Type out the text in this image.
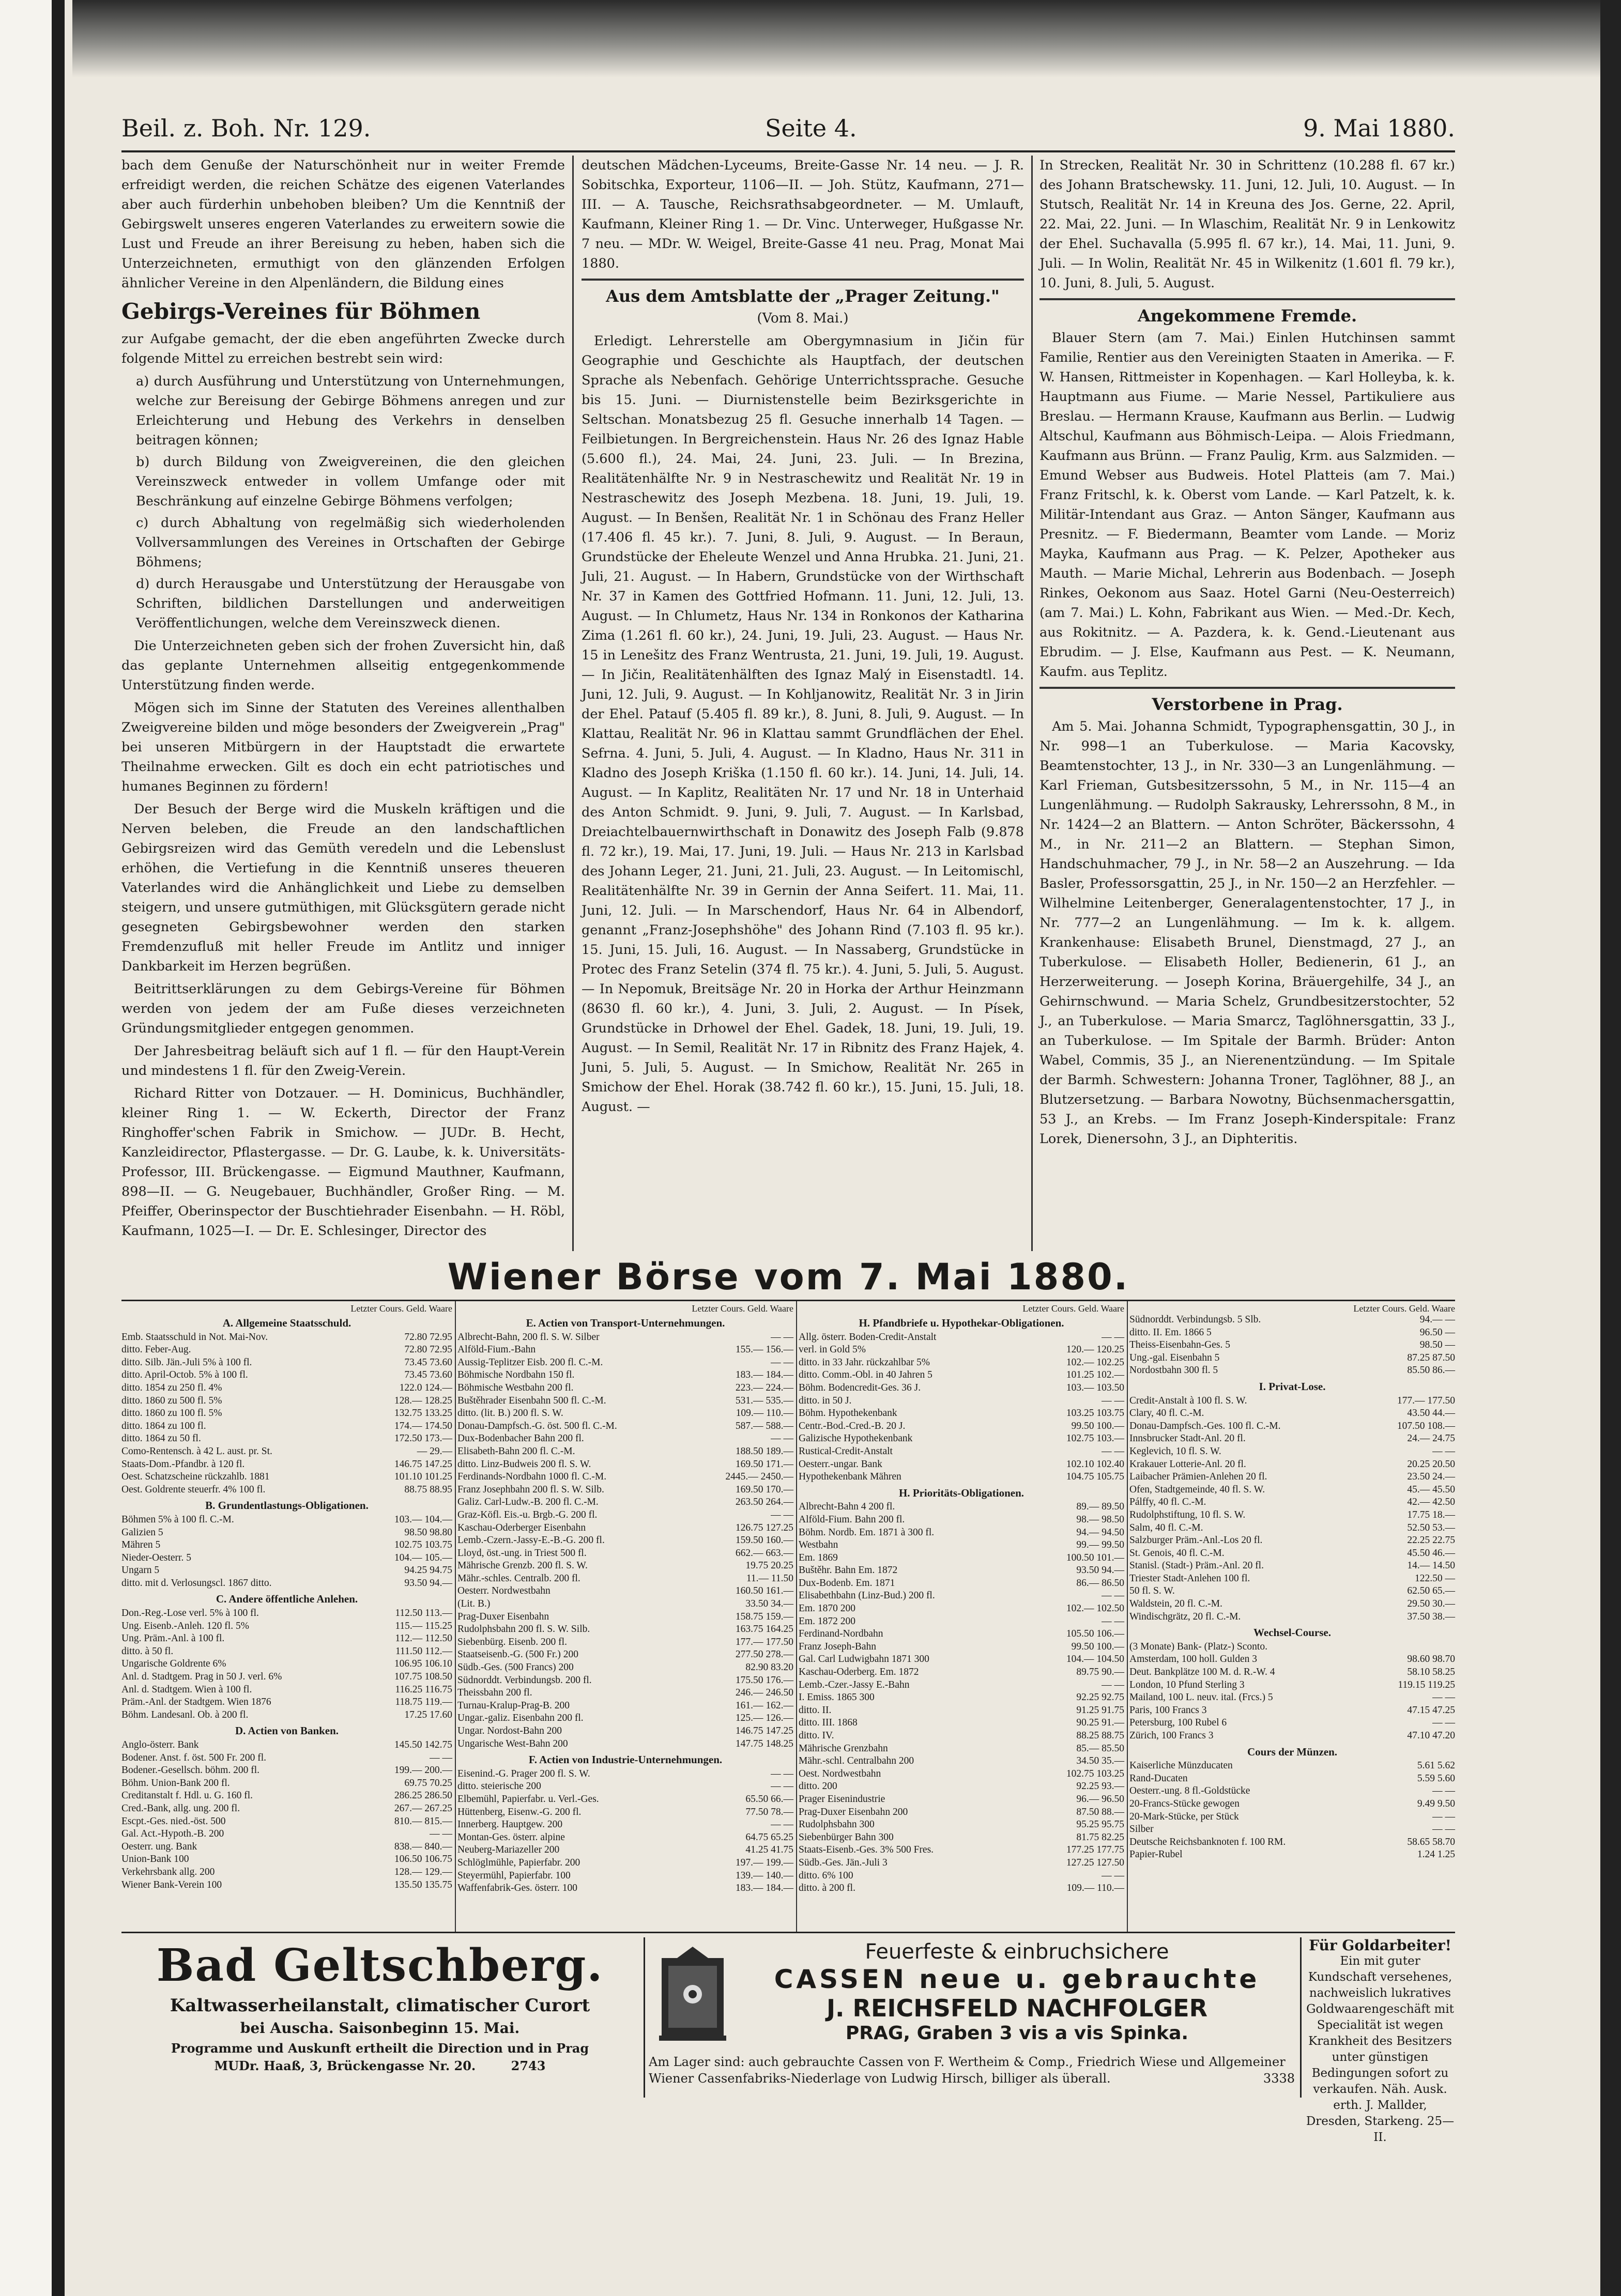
Beil. z. Boh. Nr. 129.	Seite 4.	9. Mai 1880.

bach dem Genuße der Naturschönheit nur in weiter Fremde erfreidigt werden, die reichen Schätze des eigenen Vaterlandes aber auch fürderhin unbehoben bleiben? Um die Kenntniß der Gebirgswelt unseres engeren Vaterlandes zu erweitern sowie die Lust und Freude an ihrer Bereisung zu heben, haben sich die Unterzeichneten, ermuthigt von den glänzenden Erfolgen ähnlicher Vereine in den Alpenländern, die Bildung eines

Gebirgs-Vereines für Böhmen

zur Aufgabe gemacht, der die eben angeführten Zwecke durch folgende Mittel zu erreichen bestrebt sein wird:

a) durch Ausführung und Unterstützung von Unternehmungen, welche zur Bereisung der Gebirge Böhmens anregen und zur Erleichterung und Hebung des Verkehrs in denselben beitragen können;
b) durch Bildung von Zweigvereinen, die den gleichen Vereinszweck entweder in vollem Umfange oder mit Beschränkung auf einzelne Gebirge Böhmens verfolgen;
c) durch Abhaltung von regelmäßig sich wiederholenden Vollversammlungen des Vereines in Ortschaften der Gebirge Böhmens;
d) durch Herausgabe und Unterstützung der Herausgabe von Schriften, bildlichen Darstellungen und anderweitigen Veröffentlichungen, welche dem Vereinszweck dienen.

Die Unterzeichneten geben sich der frohen Zuversicht hin, daß das geplante Unternehmen allseitig entgegenkommende Unterstützung finden werde.

Mögen sich im Sinne der Statuten des Vereines allenthalben Zweigvereine bilden und möge besonders der Zweigverein „Prag" bei unseren Mitbürgern in der Hauptstadt die erwartete Theilnahme erwecken. Gilt es doch ein echt patriotisches und humanes Beginnen zu fördern!

Der Besuch der Berge wird die Muskeln kräftigen und die Nerven beleben, die Freude an den landschaftlichen Gebirgsreizen wird das Gemüth veredeln und die Lebenslust erhöhen, die Vertiefung in die Kenntniß unseres theueren Vaterlandes wird die Anhänglichkeit und Liebe zu demselben steigern, und unsere gutmüthigen, mit Glücksgütern gerade nicht gesegneten Gebirgsbewohner werden den starken Fremdenzufluß mit heller Freude im Antlitz und inniger Dankbarkeit im Herzen begrüßen.

Beitrittserklärungen zu dem Gebirgs-Vereine für Böhmen werden von jedem der am Fuße dieses verzeichneten Gründungsmitglieder entgegen genommen.

Der Jahresbeitrag beläuft sich auf 1 fl. — für den Haupt-Verein und mindestens 1 fl. für den Zweig-Verein.

Richard Ritter von Dotzauer. — H. Dominicus, Buchhändler, kleiner Ring 1. — W. Eckerth, Director der Franz Ringhoffer'schen Fabrik in Smichow. — JUDr. B. Hecht, Kanzleidirector, Pflastergasse. — Dr. G. Laube, k. k. Universitäts-Professor, III. Brückengasse. — Eigmund Mauthner, Kaufmann, 898—II. — G. Neugebauer, Buchhändler, Großer Ring. — M. Pfeiffer, Oberinspector der Buschtiehrader Eisenbahn. — H. Röbl, Kaufmann, 1025—I. — Dr. E. Schlesinger, Director des

deutschen Mädchen-Lyceums, Breite-Gasse Nr. 14 neu. — J. R. Sobitschka, Exporteur, 1106—II. — Joh. Stütz, Kaufmann, 271—III. — A. Tausche, Reichsrathsabgeordneter. — M. Umlauft, Kaufmann, Kleiner Ring 1. — Dr. Vinc. Unterweger, Hußgasse Nr. 7 neu. — MDr. W. Weigel, Breite-Gasse 41 neu. Prag, Monat Mai 1880.

Aus dem Amtsblatte der „Prager Zeitung."
(Vom 8. Mai.)

Erledigt. Lehrerstelle am Obergymnasium in Jičin für Geographie und Geschichte als Hauptfach, der deutschen Sprache als Nebenfach. Gehörige Unterrichtssprache. Gesuche bis 15. Juni. — Diurnistenstelle beim Bezirksgerichte in Seltschan. Monatsbezug 25 fl. Gesuche innerhalb 14 Tagen. — Feilbietungen. In Bergreichenstein. Haus Nr. 26 des Ignaz Hable (5.600 fl.), 24. Mai, 24. Juni, 23. Juli. — In Brezina, Realitätenhälfte Nr. 9 in Nestraschewitz und Realität Nr. 19 in Nestraschewitz des Joseph Mezbena. 18. Juni, 19. Juli, 19. August. — In Benšen, Realität Nr. 1 in Schönau des Franz Heller (17.406 fl. 45 kr.). 7. Juni, 8. Juli, 9. August. — In Beraun, Grundstücke der Eheleute Wenzel und Anna Hrubka. 21. Juni, 21. Juli, 21. August. — In Habern, Grundstücke von der Wirthschaft Nr. 37 in Kamen des Gottfried Hofmann. 11. Juni, 12. Juli, 13. August. — In Chlumetz, Haus Nr. 134 in Ronkonos der Katharina Zima (1.261 fl. 60 kr.), 24. Juni, 19. Juli, 23. August. — Haus Nr. 15 in Lenešitz des Franz Wentrusta, 21. Juni, 19. Juli, 19. August. — In Jičin, Realitätenhälften des Ignaz Malý in Eisenstadtl. 14. Juni, 12. Juli, 9. August. — In Kohljanowitz, Realität Nr. 3 in Jirin der Ehel. Patauf (5.405 fl. 89 kr.), 8. Juni, 8. Juli, 9. August. — In Klattau, Realität Nr. 96 in Klattau sammt Grundflächen der Ehel. Sefrna. 4. Juni, 5. Juli, 4. August. — In Kladno, Haus Nr. 311 in Kladno des Joseph Kriška (1.150 fl. 60 kr.). 14. Juni, 14. Juli, 14. August. — In Kaplitz, Realitäten Nr. 17 und Nr. 18 in Unterhaid des Anton Schmidt. 9. Juni, 9. Juli, 7. August. — In Karlsbad, Dreiachtelbauernwirthschaft in Donawitz des Joseph Falb (9.878 fl. 72 kr.), 19. Mai, 17. Juni, 19. Juli. — Haus Nr. 213 in Karlsbad des Johann Leger, 21. Juni, 21. Juli, 23. August. — In Leitomischl, Realitätenhälfte Nr. 39 in Gernin der Anna Seifert. 11. Mai, 11. Juni, 12. Juli. — In Marschendorf, Haus Nr. 64 in Albendorf, genannt „Franz-Josephshöhe" des Johann Rind (7.103 fl. 95 kr.). 15. Juni, 15. Juli, 16. August. — In Nassaberg, Grundstücke in Protec des Franz Setelin (374 fl. 75 kr.). 4. Juni, 5. Juli, 5. August. — In Nepomuk, Breitsäge Nr. 20 in Horka der Arthur Heinzmann (8630 fl. 60 kr.), 4. Juni, 3. Juli, 2. August. — In Písek, Grundstücke in Drhowel der Ehel. Gadek, 18. Juni, 19. Juli, 19. August. — In Semil, Realität Nr. 17 in Ribnitz des Franz Hajek, 4. Juni, 5. Juli, 5. August. — In Smichow, Realität Nr. 265 in Smichow der Ehel. Horak (38.742 fl. 60 kr.), 15. Juni, 15. Juli, 18. August. —

In Strecken, Realität Nr. 30 in Schrittenz (10.288 fl. 67 kr.) des Johann Bratschewsky. 11. Juni, 12. Juli, 10. August. — In Stutsch, Realität Nr. 14 in Kreuna des Jos. Gerne, 22. April, 22. Mai, 22. Juni. — In Wlaschim, Realität Nr. 9 in Lenkowitz der Ehel. Suchavalla (5.995 fl. 67 kr.), 14. Mai, 11. Juni, 9. Juli. — In Wolin, Realität Nr. 45 in Wilkenitz (1.601 fl. 79 kr.), 10. Juni, 8. Juli, 5. August.

Angekommene Fremde.

Blauer Stern (am 7. Mai.) Einlen Hutchinsen sammt Familie, Rentier aus den Vereinigten Staaten in Amerika. — F. W. Hansen, Rittmeister in Kopenhagen. — Karl Holleyba, k. k. Hauptmann aus Fiume. — Marie Nessel, Partikuliere aus Breslau. — Hermann Krause, Kaufmann aus Berlin. — Ludwig Altschul, Kaufmann aus Böhmisch-Leipa. — Alois Friedmann, Kaufmann aus Brünn. — Franz Paulig, Krm. aus Salzmiden. — Emund Webser aus Budweis. Hotel Platteis (am 7. Mai.) Franz Fritschl, k. k. Oberst vom Lande. — Karl Patzelt, k. k. Militär-Intendant aus Graz. — Anton Sänger, Kaufmann aus Presnitz. — F. Biedermann, Beamter vom Lande. — Moriz Mayka, Kaufmann aus Prag. — K. Pelzer, Apotheker aus Mauth. — Marie Michal, Lehrerin aus Bodenbach. — Joseph Rinkes, Oekonom aus Saaz. Hotel Garni (Neu-Oesterreich) (am 7. Mai.) L. Kohn, Fabrikant aus Wien. — Med.-Dr. Kech, aus Rokitnitz. — A. Pazdera, k. k. Gend.-Lieutenant aus Ebrudim. — J. Else, Kaufmann aus Pest. — K. Neumann, Kaufm. aus Teplitz.

Verstorbene in Prag.

Am 5. Mai. Johanna Schmidt, Typographensgattin, 30 J., in Nr. 998—1 an Tuberkulose. — Maria Kacovsky, Beamtenstochter, 13 J., in Nr. 330—3 an Lungenlähmung. — Karl Frieman, Gutsbesitzerssohn, 5 M., in Nr. 115—4 an Lungenlähmung. — Rudolph Sakrausky, Lehrerssohn, 8 M., in Nr. 1424—2 an Blattern. — Anton Schröter, Bäckerssohn, 4 M., in Nr. 211—2 an Blattern. — Stephan Simon, Handschuhmacher, 79 J., in Nr. 58—2 an Auszehrung. — Ida Basler, Professorsgattin, 25 J., in Nr. 150—2 an Herzfehler. — Wilhelmine Leitenberger, Generalagentenstochter, 17 J., in Nr. 777—2 an Lungenlähmung. — Im k. k. allgem. Krankenhause: Elisabeth Brunel, Dienstmagd, 27 J., an Tuberkulose. — Elisabeth Holler, Bedienerin, 61 J., an Herzerweiterung. — Joseph Korina, Bräuergehilfe, 34 J., an Gehirnschwund. — Maria Schelz, Grundbesitzerstochter, 52 J., an Tuberkulose. — Maria Smarcz, Taglöhnersgattin, 33 J., an Tuberkulose. — Im Spitale der Barmh. Brüder: Anton Wabel, Commis, 35 J., an Nierenentzündung. — Im Spitale der Barmh. Schwestern: Johanna Troner, Taglöhner, 88 J., an Blutzersetzung. — Barbara Nowotny, Büchsenmachersgattin, 53 J., an Krebs. — Im Franz Joseph-Kinderspitale: Franz Lorek, Dienersohn, 3 J., an Diphteritis.

Wiener Börse vom 7. Mai 1880.
Letzter Cours. Geld. Waare
A. Allgemeine Staatsschuld.
Emb. Staatsschuld in Not. Mai-Nov.	72.80 72.95
ditto. Feber-Aug.	72.80 72.95
ditto. Silb. Jän.-Juli 5% à 100 fl.	73.45 73.60
ditto. April-Octob. 5% à 100 fl.	73.45 73.60
ditto. 1854 zu 250 fl. 4%	122.0 124.—
ditto. 1860 zu 500 fl. 5%	128.— 128.25
ditto. 1860 zu 100 fl. 5%	132.75 133.25
ditto. 1864 zu 100 fl.	174.— 174.50
ditto. 1864 zu 50 fl.	172.50 173.—
Como-Rentensch. à 42 L. aust. pr. St.	— 29.—
Staats-Dom.-Pfandbr. à 120 fl.	146.75 147.25
Oest. Schatzscheine rückzahlb. 1881	101.10 101.25
Oest. Goldrente steuerfr. 4% 100 fl.	88.75 88.95
B. Grundentlastungs-Obligationen.
Böhmen 5% à 100 fl. C.-M.	103.— 104.—
Galizien 5	98.50 98.80
Mähren 5	102.75 103.75
Nieder-Oesterr. 5	104.— 105.—
Ungarn 5	94.25 94.75
ditto. mit d. Verlosungscl. 1867 ditto.	93.50 94.—
C. Andere öffentliche Anlehen.
Don.-Reg.-Lose verl. 5% à 100 fl.	112.50 113.—
Ung. Eisenb.-Anleh. 120 fl. 5%	115.— 115.25
Ung. Präm.-Anl. à 100 fl.	112.— 112.50
ditto. à 50 fl.	111.50 112.—
Ungarische Goldrente 6%	106.95 106.10
Anl. d. Stadtgem. Prag in 50 J. verl. 6%	107.75 108.50
Anl. d. Stadtgem. Wien à 100 fl.	116.25 116.75
Präm.-Anl. der Stadtgem. Wien 1876	118.75 119.—
Böhm. Landesanl. Ob. à 200 fl.	17.25 17.60
D. Actien von Banken.
Anglo-österr. Bank	145.50 142.75
Bodener. Anst. f. öst. 500 Fr. 200 fl.	— —
Bodener.-Gesellsch. böhm. 200 fl.	199.— 200.—
Böhm. Union-Bank 200 fl.	69.75 70.25
Creditanstalt f. Hdl. u. G. 160 fl.	286.25 286.50
Cred.-Bank, allg. ung. 200 fl.	267.— 267.25
Escpt.-Ges. nied.-öst. 500	810.— 815.—
Gal. Act.-Hypoth.-B. 200	— —
Oesterr. ung. Bank	838.— 840.—
Union-Bank 100	106.50 106.75
Verkehrsbank allg. 200	128.— 129.—
Wiener Bank-Verein 100	135.50 135.75
Letzter Cours. Geld. Waare
E. Actien von Transport-Unternehmungen.
Albrecht-Bahn, 200 fl. S. W. Silber	— —
Alföld-Fium.-Bahn	155.— 156.—
Aussig-Teplitzer Eisb. 200 fl. C.-M.	— —
Böhmische Nordbahn 150 fl.	183.— 184.—
Böhmische Westbahn 200 fl.	223.— 224.—
Buštěhrader Eisenbahn 500 fl. C.-M.	531.— 535.—
ditto. (lit. B.) 200 fl. S. W.	109.— 110.—
Donau-Dampfsch.-G. öst. 500 fl. C.-M.	587.— 588.—
Dux-Bodenbacher Bahn 200 fl.	— —
Elisabeth-Bahn 200 fl. C.-M.	188.50 189.—
ditto. Linz-Budweis 200 fl. S. W.	169.50 171.—
Ferdinands-Nordbahn 1000 fl. C.-M.	2445.— 2450.—
Franz Josephbahn 200 fl. S. W. Silb.	169.50 170.—
Galiz. Carl-Ludw.-B. 200 fl. C.-M.	263.50 264.—
Graz-Köfl. Eis.-u. Brgb.-G. 200 fl.	— —
Kaschau-Oderberger Eisenbahn	126.75 127.25
Lemb.-Czern.-Jassy-E.-B.-G. 200 fl.	159.50 160.—
Lloyd, öst.-ung. in Triest 500 fl.	662.— 663.—
Mährische Grenzb. 200 fl. S. W.	19.75 20.25
Mähr.-schles. Centralb. 200 fl.	11.— 11.50
Oesterr. Nordwestbahn	160.50 161.—
(Lit. B.)	33.50 34.—
Prag-Duxer Eisenbahn	158.75 159.—
Rudolphsbahn 200 fl. S. W. Silb.	163.75 164.25
Siebenbürg. Eisenb. 200 fl.	177.— 177.50
Staatseisenb.-G. (500 Fr.) 200	277.50 278.—
Südb.-Ges. (500 Francs) 200	82.90 83.20
Südnorddt. Verbindungsb. 200 fl.	175.50 176.—
Theissbahn 200 fl.	246.— 246.50
Turnau-Kralup-Prag-B. 200	161.— 162.—
Ungar.-galiz. Eisenbahn 200 fl.	125.— 126.—
Ungar. Nordost-Bahn 200	146.75 147.25
Ungarische West-Bahn 200	147.75 148.25
F. Actien von Industrie-Unternehmungen.
Eisenind.-G. Prager 200 fl. S. W.	— —
ditto. steierische 200	— —
Elbemühl, Papierfabr. u. Verl.-Ges.	65.50 66.—
Hüttenberg, Eisenw.-G. 200 fl.	77.50 78.—
Innerberg. Hauptgew. 200	— —
Montan-Ges. österr. alpine	64.75 65.25
Neuberg-Mariazeller 200	41.25 41.75
Schlöglmühle, Papierfabr. 200	197.— 199.—
Steyermühl, Papierfabr. 100	139.— 140.—
Waffenfabrik-Ges. österr. 100	183.— 184.—
Letzter Cours. Geld. Waare
H. Pfandbriefe u. Hypothekar-Obligationen.
Allg. österr. Boden-Credit-Anstalt	— —
verl. in Gold 5%	120.— 120.25
ditto. in 33 Jahr. rückzahlbar 5%	102.— 102.25
ditto. Comm.-Obl. in 40 Jahren 5	101.25 102.—
Böhm. Bodencredit-Ges. 36 J.	103.— 103.50
ditto. in 50 J.	— —
Böhm. Hypothekenbank	103.25 103.75
Centr.-Bod.-Cred.-B. 20 J.	99.50 100.—
Galizische Hypothekenbank	102.75 103.—
Rustical-Credit-Anstalt	— —
Oesterr.-ungar. Bank	102.10 102.40
Hypothekenbank Mähren	104.75 105.75
H. Prioritäts-Obligationen.
Albrecht-Bahn 4 200 fl.	89.— 89.50
Alföld-Fium. Bahn 200 fl.	98.— 98.50
Böhm. Nordb. Em. 1871 à 300 fl.	94.— 94.50
Westbahn	99.— 99.50
Em. 1869	100.50 101.—
Buštěhr. Bahn Em. 1872	93.50 94.—
Dux-Bodenb. Em. 1871	86.— 86.50
Elisabethbahn (Linz-Bud.) 200 fl.	— —
Em. 1870 200	102.— 102.50
Em. 1872 200	— —
Ferdinand-Nordbahn	105.50 106.—
Franz Joseph-Bahn	99.50 100.—
Gal. Carl Ludwigbahn 1871 300	104.— 104.50
Kaschau-Oderberg. Em. 1872	89.75 90.—
Lemb.-Czer.-Jassy E.-Bahn	— —
I. Emiss. 1865 300	92.25 92.75
ditto. II.	91.25 91.75
ditto. III. 1868	90.25 91.—
ditto. IV.	88.25 88.75
Mährische Grenzbahn	85.— 85.50
Mähr.-schl. Centralbahn 200	34.50 35.—
Oest. Nordwestbahn	102.75 103.25
ditto. 200	92.25 93.—
Prager Eisenindustrie	96.— 96.50
Prag-Duxer Eisenbahn 200	87.50 88.—
Rudolphsbahn 300	95.25 95.75
Siebenbürger Bahn 300	81.75 82.25
Staats-Eisenb.-Ges. 3% 500 Fres.	177.25 177.75
Südb.-Ges. Jän.-Juli 3	127.25 127.50
ditto. 6% 100	— —
ditto. à 200 fl.	109.— 110.—
Letzter Cours. Geld. Waare
Südnorddt. Verbindungsb. 5 Slb.	94.— —
ditto. II. Em. 1866 5	96.50 —
Theiss-Eisenbahn-Ges. 5	98.50 —
Ung.-gal. Eisenbahn 5	87.25 87.50
Nordostbahn 300 fl. 5	85.50 86.—
I. Privat-Lose.
Credit-Anstalt à 100 fl. S. W.	177.— 177.50
Clary, 40 fl. C.-M.	43.50 44.—
Donau-Dampfsch.-Ges. 100 fl. C.-M.	107.50 108.—
Innsbrucker Stadt-Anl. 20 fl.	24.— 24.75
Keglevich, 10 fl. S. W.	— —
Krakauer Lotterie-Anl. 20 fl.	20.25 20.50
Laibacher Prämien-Anlehen 20 fl.	23.50 24.—
Ofen, Stadtgemeinde, 40 fl. S. W.	45.— 45.50
Pálffy, 40 fl. C.-M.	42.— 42.50
Rudolphstiftung, 10 fl. S. W.	17.75 18.—
Salm, 40 fl. C.-M.	52.50 53.—
Salzburger Präm.-Anl.-Los 20 fl.	22.25 22.75
St. Genois, 40 fl. C.-M.	45.50 46.—
Stanisl. (Stadt-) Präm.-Anl. 20 fl.	14.— 14.50
Triester Stadt-Anlehen 100 fl.	122.50 —
50 fl. S. W.	62.50 65.—
Waldstein, 20 fl. C.-M.	29.50 30.—
Windischgrätz, 20 fl. C.-M.	37.50 38.—
Wechsel-Course.
(3 Monate) Bank- (Platz-) Sconto.
Amsterdam, 100 holl. Gulden 3	98.60 98.70
Deut. Bankplätze 100 M. d. R.-W. 4	58.10 58.25
London, 10 Pfund Sterling 3	119.15 119.25
Mailand, 100 L. neuv. ital. (Frcs.) 5	— —
Paris, 100 Francs 3	47.15 47.25
Petersburg, 100 Rubel 6	— —
Zürich, 100 Francs 3	47.10 47.20
Cours der Münzen.
Kaiserliche Münzducaten	5.61 5.62
Rand-Ducaten	5.59 5.60
Oesterr.-ung. 8 fl.-Goldstücke	— —
20-Francs-Stücke gewogen	9.49 9.50
20-Mark-Stücke, per Stück	— —
Silber	— —
Deutsche Reichsbanknoten f. 100 RM.	58.65 58.70
Papier-Rubel	1.24 1.25
Bad Geltschberg.
Kaltwasserheilanstalt, climatischer Curort
bei Auscha. Saisonbeginn 15. Mai.
Programme und Auskunft ertheilt die Direction und in Prag
MUDr. Haaß, 3, Brückengasse Nr. 20.	2743
Feuerfeste & einbruchsichere
CASSEN neue u. gebrauchte
J. REICHSFELD NACHFOLGER
PRAG, Graben 3 vis a vis Spinka.
Am Lager sind: auch gebrauchte Cassen von F. Wertheim & Comp., Friedrich Wiese und Allgemeiner Wiener Cassenfabriks-Niederlage von Ludwig Hirsch, billiger als überall.	3338
Für Goldarbeiter!
Ein mit guter Kundschaft versehenes, nachweislich lukratives Goldwaarengeschäft mit Specialität ist wegen Krankheit des Besitzers unter günstigen Bedingungen sofort zu verkaufen. Näh. Ausk. erth. J. Mallder, Dresden, Starkeng. 25—II.
